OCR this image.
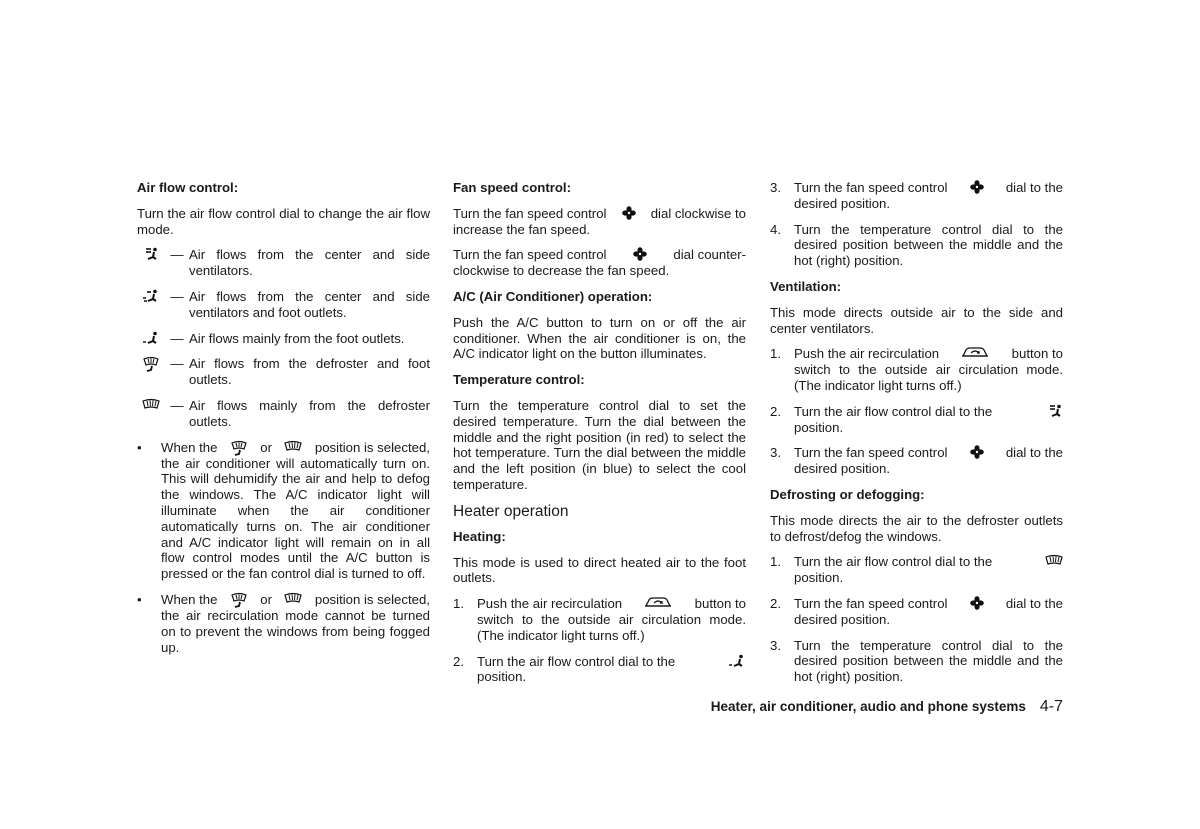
Air flow control:
Turn the air flow control dial to change the air flow mode.
— Air flows from the center and side ventilators.
— Air flows from the center and side ventilators and foot outlets.
— Air flows mainly from the foot outlets.
— Air flows from the defroster and foot outlets.
— Air flows mainly from the defroster outlets.
•	When the	or	position is selected,
the air conditioner will automatically turn on. This will dehumidify the air and help to defog the windows. The A/C indicator light will illuminate when the air conditioner automatically turns on. The air conditioner and A/C indicator light will remain on in all flow control modes until the A/C button is pressed or the fan control dial is turned to off.
•	When the	or	position is selected,
the air recirculation mode cannot be turned on to prevent the windows from being fogged up.
Fan speed control:
Turn the fan speed control	dial clockwise to
increase the fan speed.
Turn the fan speed control	dial counter-
clockwise to decrease the fan speed.
A/C (Air Conditioner) operation:
Push the A/C button to turn on or off the air conditioner. When the air conditioner is on, the A/C indicator light on the button illuminates.
Temperature control:
Turn the temperature control dial to set the desired temperature. Turn the dial between the middle and the right position (in red) to select the hot temperature. Turn the dial between the middle and the left position (in blue) to select the cool temperature.
Heater operation
Heating:
This mode is used to direct heated air to the foot outlets.
1. Push the air recirculation	button to
switch to the outside air circulation mode. (The indicator light turns off.)
2. Turn the air flow control dial to the
position.
3. Turn the fan speed control	dial to the
desired position.
4. Turn the temperature control dial to the desired position between the middle and the hot (right) position.
Ventilation:
This mode directs outside air to the side and center ventilators.
1. Push the air recirculation	button to
switch to the outside air circulation mode. (The indicator light turns off.)
2. Turn the air flow control dial to the
position.
3. Turn the fan speed control	dial to the
desired position.
Defrosting or defogging:
This mode directs the air to the defroster outlets to defrost/defog the windows.
1. Turn the air flow control dial to the
position.
2. Turn the fan speed control	dial to the
desired position.
3. Turn the temperature control dial to the desired position between the middle and the hot (right) position.
Heater, air conditioner, audio and phone systems 4-7
